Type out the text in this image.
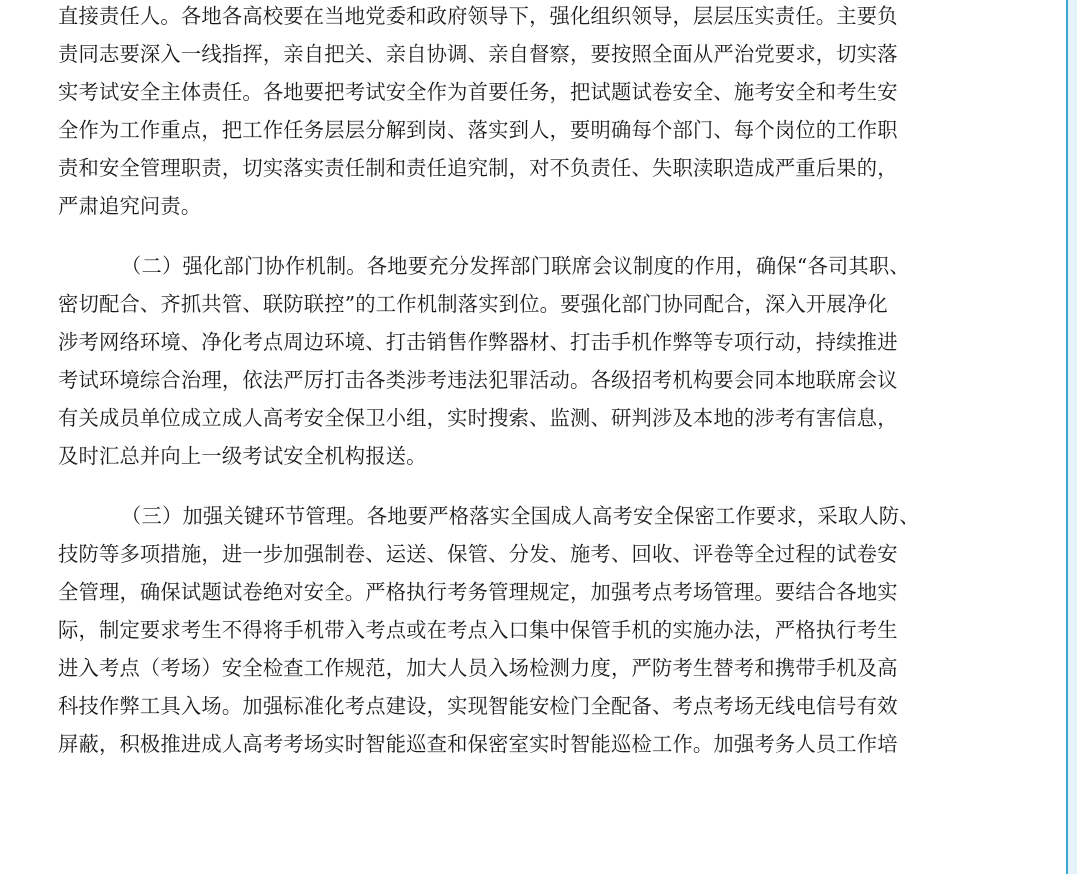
直接责任人。各地各高校要在当地党委和政府领导下，强化组织领导，层层压实责任。主要负
责同志要深入一线指挥，亲自把关、亲自协调、亲自督察，要按照全面从严治党要求，切实落
实考试安全主体责任。各地要把考试安全作为首要任务，把试题试卷安全、施考安全和考生安
全作为工作重点，把工作任务层层分解到岗、落实到人，要明确每个部门、每个岗位的工作职
责和安全管理职责，切实落实责任制和责任追究制，对不负责任、失职渎职造成严重后果的，
严肃追究问责。
（二）强化部门协作机制。各地要充分发挥部门联席会议制度的作用，确保“各司其职、
密切配合、齐抓共管、联防联控”的工作机制落实到位。要强化部门协同配合，深入开展净化
涉考网络环境、净化考点周边环境、打击销售作弊器材、打击手机作弊等专项行动，持续推进
考试环境综合治理，依法严厉打击各类涉考违法犯罪活动。各级招考机构要会同本地联席会议
有关成员单位成立成人高考安全保卫小组，实时搜索、监测、研判涉及本地的涉考有害信息，
及时汇总并向上一级考试安全机构报送。
（三）加强关键环节管理。各地要严格落实全国成人高考安全保密工作要求，采取人防、
技防等多项措施，进一步加强制卷、运送、保管、分发、施考、回收、评卷等全过程的试卷安
全管理，确保试题试卷绝对安全。严格执行考务管理规定，加强考点考场管理。要结合各地实
际，制定要求考生不得将手机带入考点或在考点入口集中保管手机的实施办法，严格执行考生
进入考点（考场）安全检查工作规范，加大人员入场检测力度，严防考生替考和携带手机及高
科技作弊工具入场。加强标准化考点建设，实现智能安检门全配备、考点考场无线电信号有效
屏蔽，积极推进成人高考考场实时智能巡查和保密室实时智能巡检工作。加强考务人员工作培
